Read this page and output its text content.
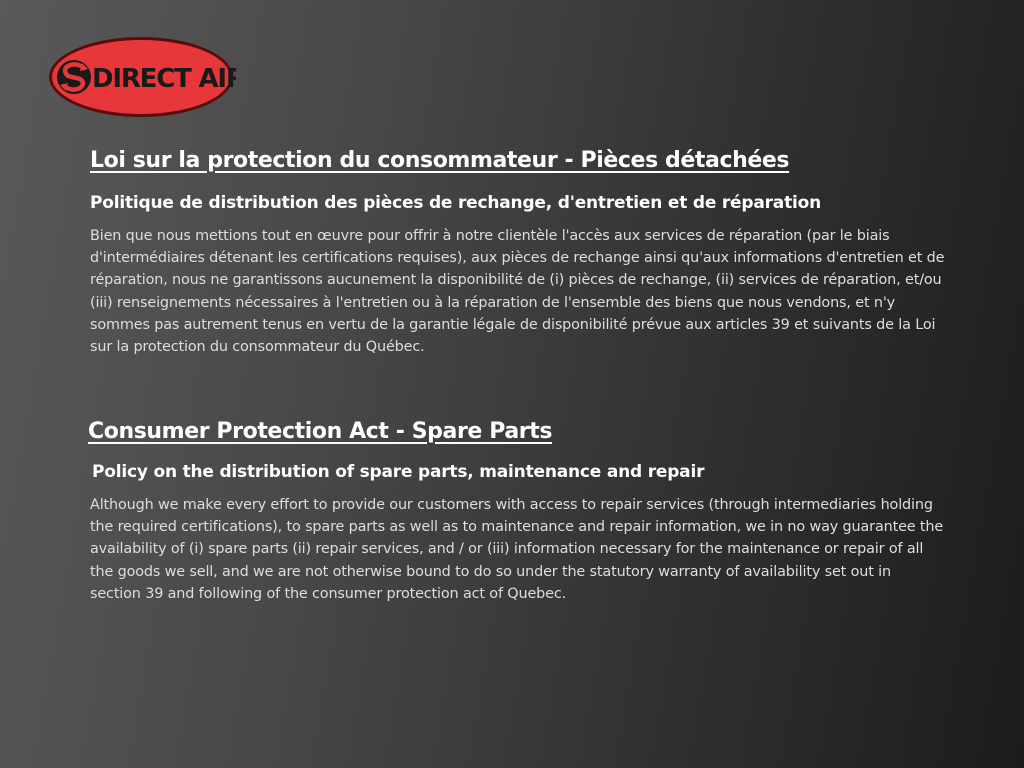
DIRECT AIR
Loi sur la protection du consommateur - Pièces détachées
Politique de distribution des pièces de rechange, d'entretien et de réparation

Bien que nous mettions tout en œuvre pour offrir à notre clientèle l'accès aux services de réparation (par le biais d'intermédiaires détenant les certifications requises), aux pièces de rechange ainsi qu'aux informations d'entretien et de réparation, nous ne garantissons aucunement la disponibilité de (i) pièces de rechange, (ii) services de réparation, et/ou (iii) renseignements nécessaires à l'entretien ou à la réparation de l'ensemble des biens que nous vendons, et n'y sommes pas autrement tenus en vertu de la garantie légale de disponibilité prévue aux articles 39 et suivants de la Loi sur la protection du consommateur du Québec.

Consumer Protection Act - Spare Parts
Policy on the distribution of spare parts, maintenance and repair

Although we make every effort to provide our customers with access to repair services (through intermediaries holding the required certifications), to spare parts as well as to maintenance and repair information, we in no way guarantee the availability of (i) spare parts (ii) repair services, and / or (iii) information necessary for the maintenance or repair of all the goods we sell, and we are not otherwise bound to do so under the statutory warranty of availability set out in section 39 and following of the consumer protection act of Quebec.
